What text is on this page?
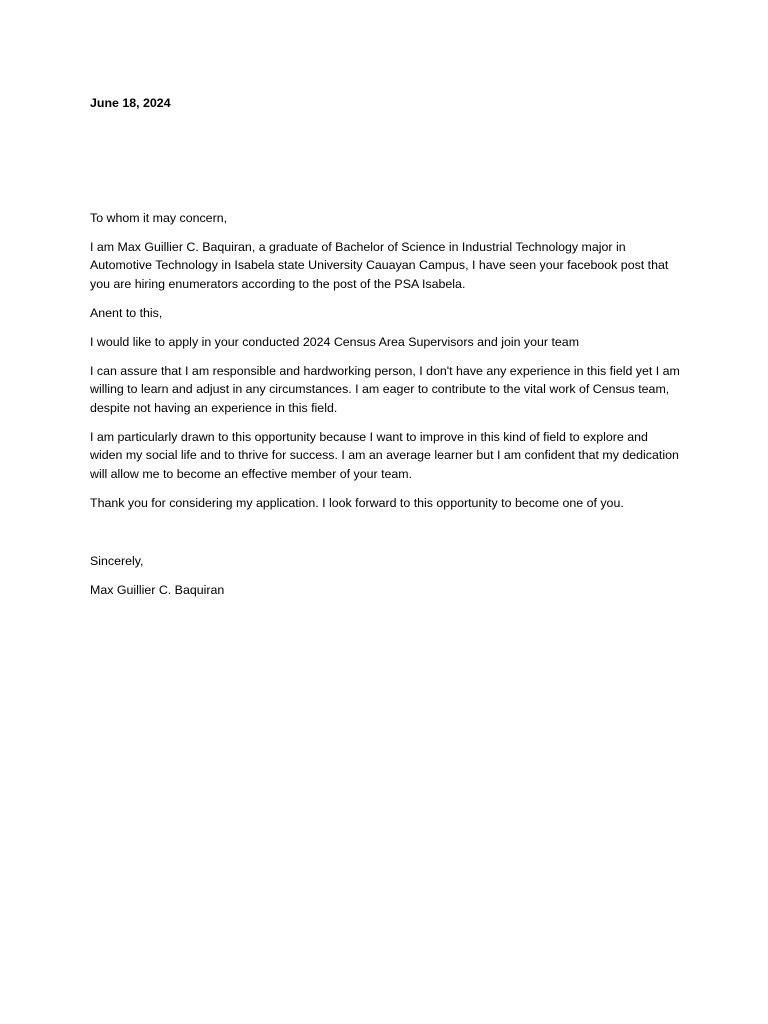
June 18, 2024

To whom it may concern,

I am Max Guillier C. Baquiran, a graduate of Bachelor of Science in Industrial Technology major in Automotive Technology in Isabela state University Cauayan Campus, I have seen your facebook post that you are hiring enumerators according to the post of the PSA Isabela.

Anent to this,

I would like to apply in your conducted 2024 Census Area Supervisors and join your team

I can assure that I am responsible and hardworking person, I don't have any experience in this field yet I am willing to learn and adjust in any circumstances. I am eager to contribute to the vital work of Census team, despite not having an experience in this field.

I am particularly drawn to this opportunity because I want to improve in this kind of field to explore and widen my social life and to thrive for success. I am an average learner but I am confident that my dedication will allow me to become an effective member of your team.

Thank you for considering my application. I look forward to this opportunity to become one of you.

Sincerely,

Max Guillier C. Baquiran
